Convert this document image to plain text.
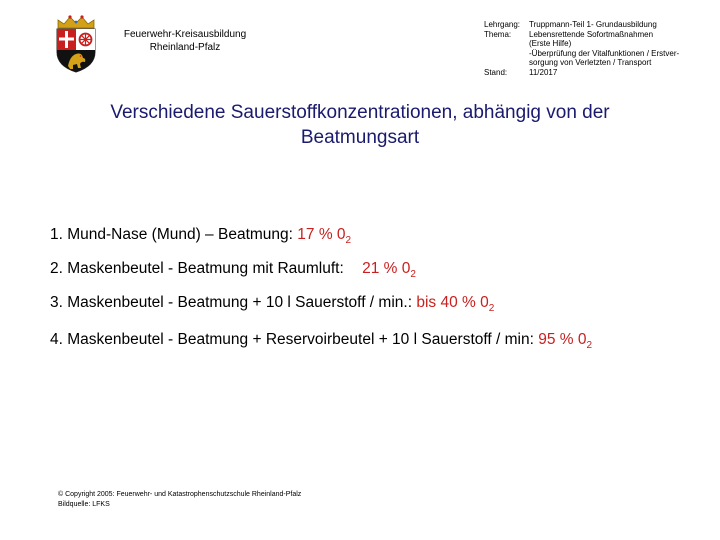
Feuerwehr-Kreisausbildung
Rheinland-Pfalz
Lehrgang:	Truppmann-Teil 1- Grundausbildung
Thema:	Lebensrettende Sofortmaßnahmen
(Erste Hilfe)
-Überprüfung der Vitalfunktionen / Erstver-
sorgung von Verletzten / Transport
Stand:	11/2017
Verschiedene Sauerstoffkonzentrationen, abhängig von der
Beatmungsart
1. Mund-Nase (Mund) – Beatmung: 17 % $0_2$
2. Maskenbeutel - Beatmung mit Raumluft: 21 % $0_2$
3. Maskenbeutel - Beatmung + 10 l Sauerstoff / min.: bis 40 % $0_2$
4. Maskenbeutel - Beatmung + Reservoirbeutel + 10 l Sauerstoff / min: 95 % $0_2$
© Copyright 2005: Feuerwehr- und Katastrophenschutzschule Rheinland-Pfalz
Bildquelle: LFKS
